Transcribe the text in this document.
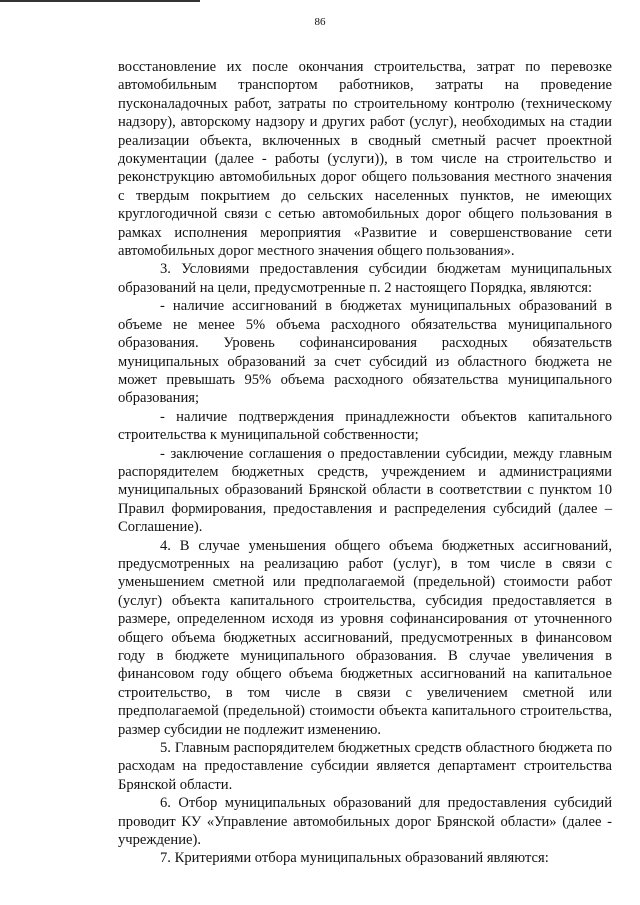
86

восстановление их после окончания строительства, затрат по перевозке автомобильным транспортом работников, затраты на проведение пусконаладочных работ, затраты по строительному контролю (техническому надзору), авторскому надзору и других работ (услуг), необходимых на стадии реализации объекта, включенных в сводный сметный расчет проектной документации (далее - работы (услуги)), в том числе на строительство и реконструкцию автомобильных дорог общего пользования местного значения с твердым покрытием до сельских населенных пунктов, не имеющих круглогодичной связи с сетью автомобильных дорог общего пользования в рамках исполнения мероприятия «Развитие и совершенствование сети автомобильных дорог местного значения общего пользования».

3. Условиями предоставления субсидии бюджетам муниципальных образований на цели, предусмотренные п. 2 настоящего Порядка, являются:

- наличие ассигнований в бюджетах муниципальных образований в объеме не менее 5% объема расходного обязательства муниципального образования. Уровень софинансирования расходных обязательств муниципальных образований за счет субсидий из областного бюджета не может превышать 95% объема расходного обязательства муниципального образования;

- наличие подтверждения принадлежности объектов капитального строительства к муниципальной собственности;

- заключение соглашения о предоставлении субсидии, между главным распорядителем бюджетных средств, учреждением и администрациями муниципальных образований Брянской области в соответствии с пунктом 10 Правил формирования, предоставления и распределения субсидий (далее – Соглашение).

4. В случае уменьшения общего объема бюджетных ассигнований, предусмотренных на реализацию работ (услуг), в том числе в связи с уменьшением сметной или предполагаемой (предельной) стоимости работ (услуг) объекта капитального строительства, субсидия предоставляется в размере, определенном исходя из уровня софинансирования от уточненного общего объема бюджетных ассигнований, предусмотренных в финансовом году в бюджете муниципального образования. В случае увеличения в финансовом году общего объема бюджетных ассигнований на капитальное строительство, в том числе в связи с увеличением сметной или предполагаемой (предельной) стоимости объекта капитального строительства, размер субсидии не подлежит изменению.

5. Главным распорядителем бюджетных средств областного бюджета по расходам на предоставление субсидии является департамент строительства Брянской области.

6. Отбор муниципальных образований для предоставления субсидий проводит КУ «Управление автомобильных дорог Брянской области» (далее - учреждение).

7. Критериями отбора муниципальных образований являются:
